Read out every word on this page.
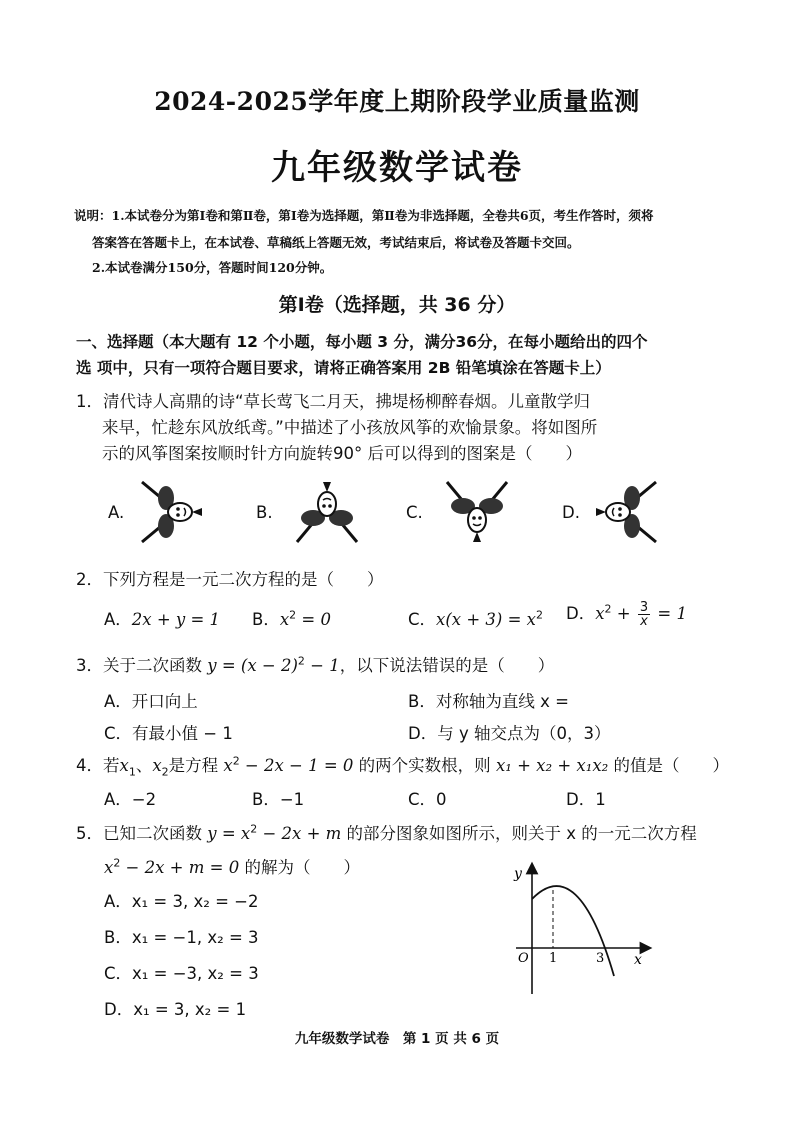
2024-2025学年度上期阶段学业质量监测
九年级数学试卷
说明：1.本试卷分为第Ⅰ卷和第Ⅱ卷，第Ⅰ卷为选择题，第Ⅱ卷为非选择题，全卷共6页，考生作答时，须将
答案答在答题卡上，在本试卷、草稿纸上答题无效，考试结束后，将试卷及答题卡交回。
2.本试卷满分150分，答题时间120分钟。
第Ⅰ卷（选择题，共 36 分）
一、选择题（本大题有 12 个小题，每小题 3 分，满分36分，在每小题给出的四个
选 项中，只有一项符合题目要求，请将正确答案用 2B 铅笔填涂在答题卡上）
1．清代诗人高鼎的诗“草长莺飞二月天，拂堤杨柳醉春烟。儿童散学归
来早，忙趁东风放纸鸢。”中描述了小孩放风筝的欢愉景象。将如图所
示的风筝图案按顺时针方向旋转90° 后可以得到的图案是（　　）
A.	B.	C.	D.
2．下列方程是一元二次方程的是（　　）
A．2x + y = 1 B．$x^2 = 0$	C．$x(x + 3) = x^2$ D．$x^2 + \frac{3}{x} = 1$
3．关于二次函数 $y = (x - 2)^2 - 1$，以下说法错误的是（　　）
A．开口向上	B．对称轴为直线 x =
C．有最小值 − 1	D．与 y 轴交点为（0，3）
4．若$x_1$、$x_2$是方程 $x^2 - 2x - 1 = 0$ 的两个实数根，则 x₁ + x₂ + x₁x₂ 的值是（　　）
A．−2	B．−1	C．0	D．1
5．已知二次函数 $y = x^2 - 2x + m$ 的部分图象如图所示，则关于 x 的一元二次方程
$x^2 - 2x + m = 0$ 的解为（　　）
A．x₁ = 3, x₂ = −2
B．x₁ = −1, x₂ = 3
C．x₁ = −3, x₂ = 3
D．x₁ = 3, x₂ = 1
y
x
O 1	3
九年级数学试卷　第 1 页 共 6 页
